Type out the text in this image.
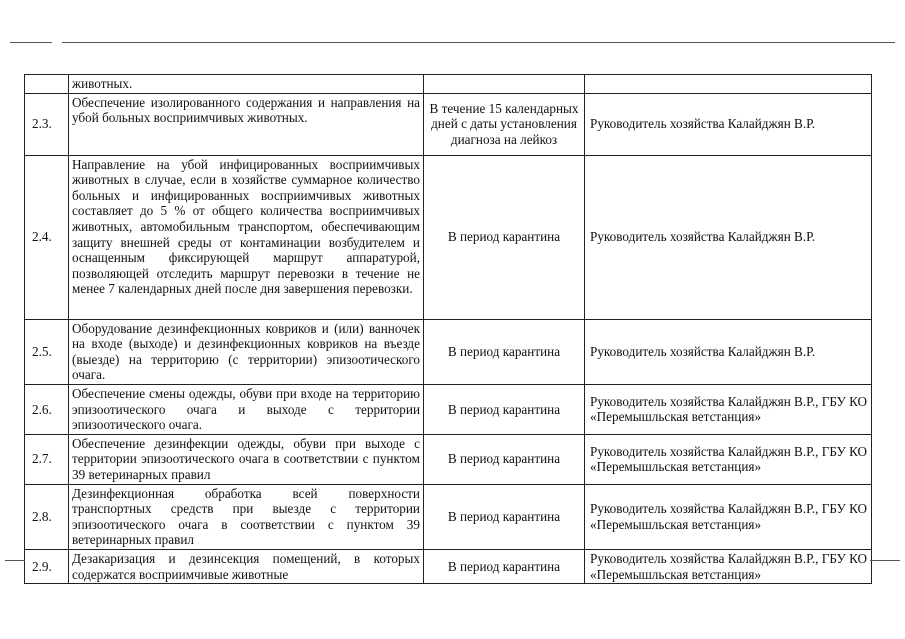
	животных.		
2.3.	Обеспечение изолированного содержания и направления на убой больных восприимчивых животных.	В течение 15 календарных дней с даты установления диагноза на лейкоз	Руководитель хозяйства Калайджян В.Р.
2.4.	Направление на убой инфицированных восприимчивых животных в случае, если в хозяйстве суммарное количество больных и инфицированных восприимчивых животных составляет до 5 % от общего количества восприимчивых животных, автомобильным транспортом, обеспечивающим защиту внешней среды от контаминации возбудителем и оснащенным фиксирующей маршрут аппаратурой, позволяющей отследить маршрут перевозки в течение не менее 7 календарных дней после дня завершения перевозки.	В период карантина	Руководитель хозяйства Калайджян В.Р.
2.5.	Оборудование дезинфекционных ковриков и (или) ванночек на входе (выходе) и дезинфекционных ковриков на въезде (выезде) на территорию (с территории) эпизоотического очага.	В период карантина	Руководитель хозяйства Калайджян В.Р.
2.6.	Обеспечение смены одежды, обуви при входе на территорию эпизоотического очага и выходе с территории эпизоотического очага.	В период карантина	Руководитель хозяйства Калайджян В.Р., ГБУ КО «Перемышльская ветстанция»
2.7.	Обеспечение дезинфекции одежды, обуви при выходе с территории эпизоотического очага в соответствии с пунктом 39 ветеринарных правил	В период карантина	Руководитель хозяйства Калайджян В.Р., ГБУ КО «Перемышльская ветстанция»
2.8.	Дезинфекционная обработка всей поверхности транспортных средств при выезде с территории эпизоотического очага в соответствии с пунктом 39 ветеринарных правил	В период карантина	Руководитель хозяйства Калайджян В.Р., ГБУ КО «Перемышльская ветстанция»
2.9.	Дезакаризация и дезинсекция помещений, в которых содержатся восприимчивые животные	В период карантина	Руководитель хозяйства Калайджян В.Р., ГБУ КО «Перемышльская ветстанция»
